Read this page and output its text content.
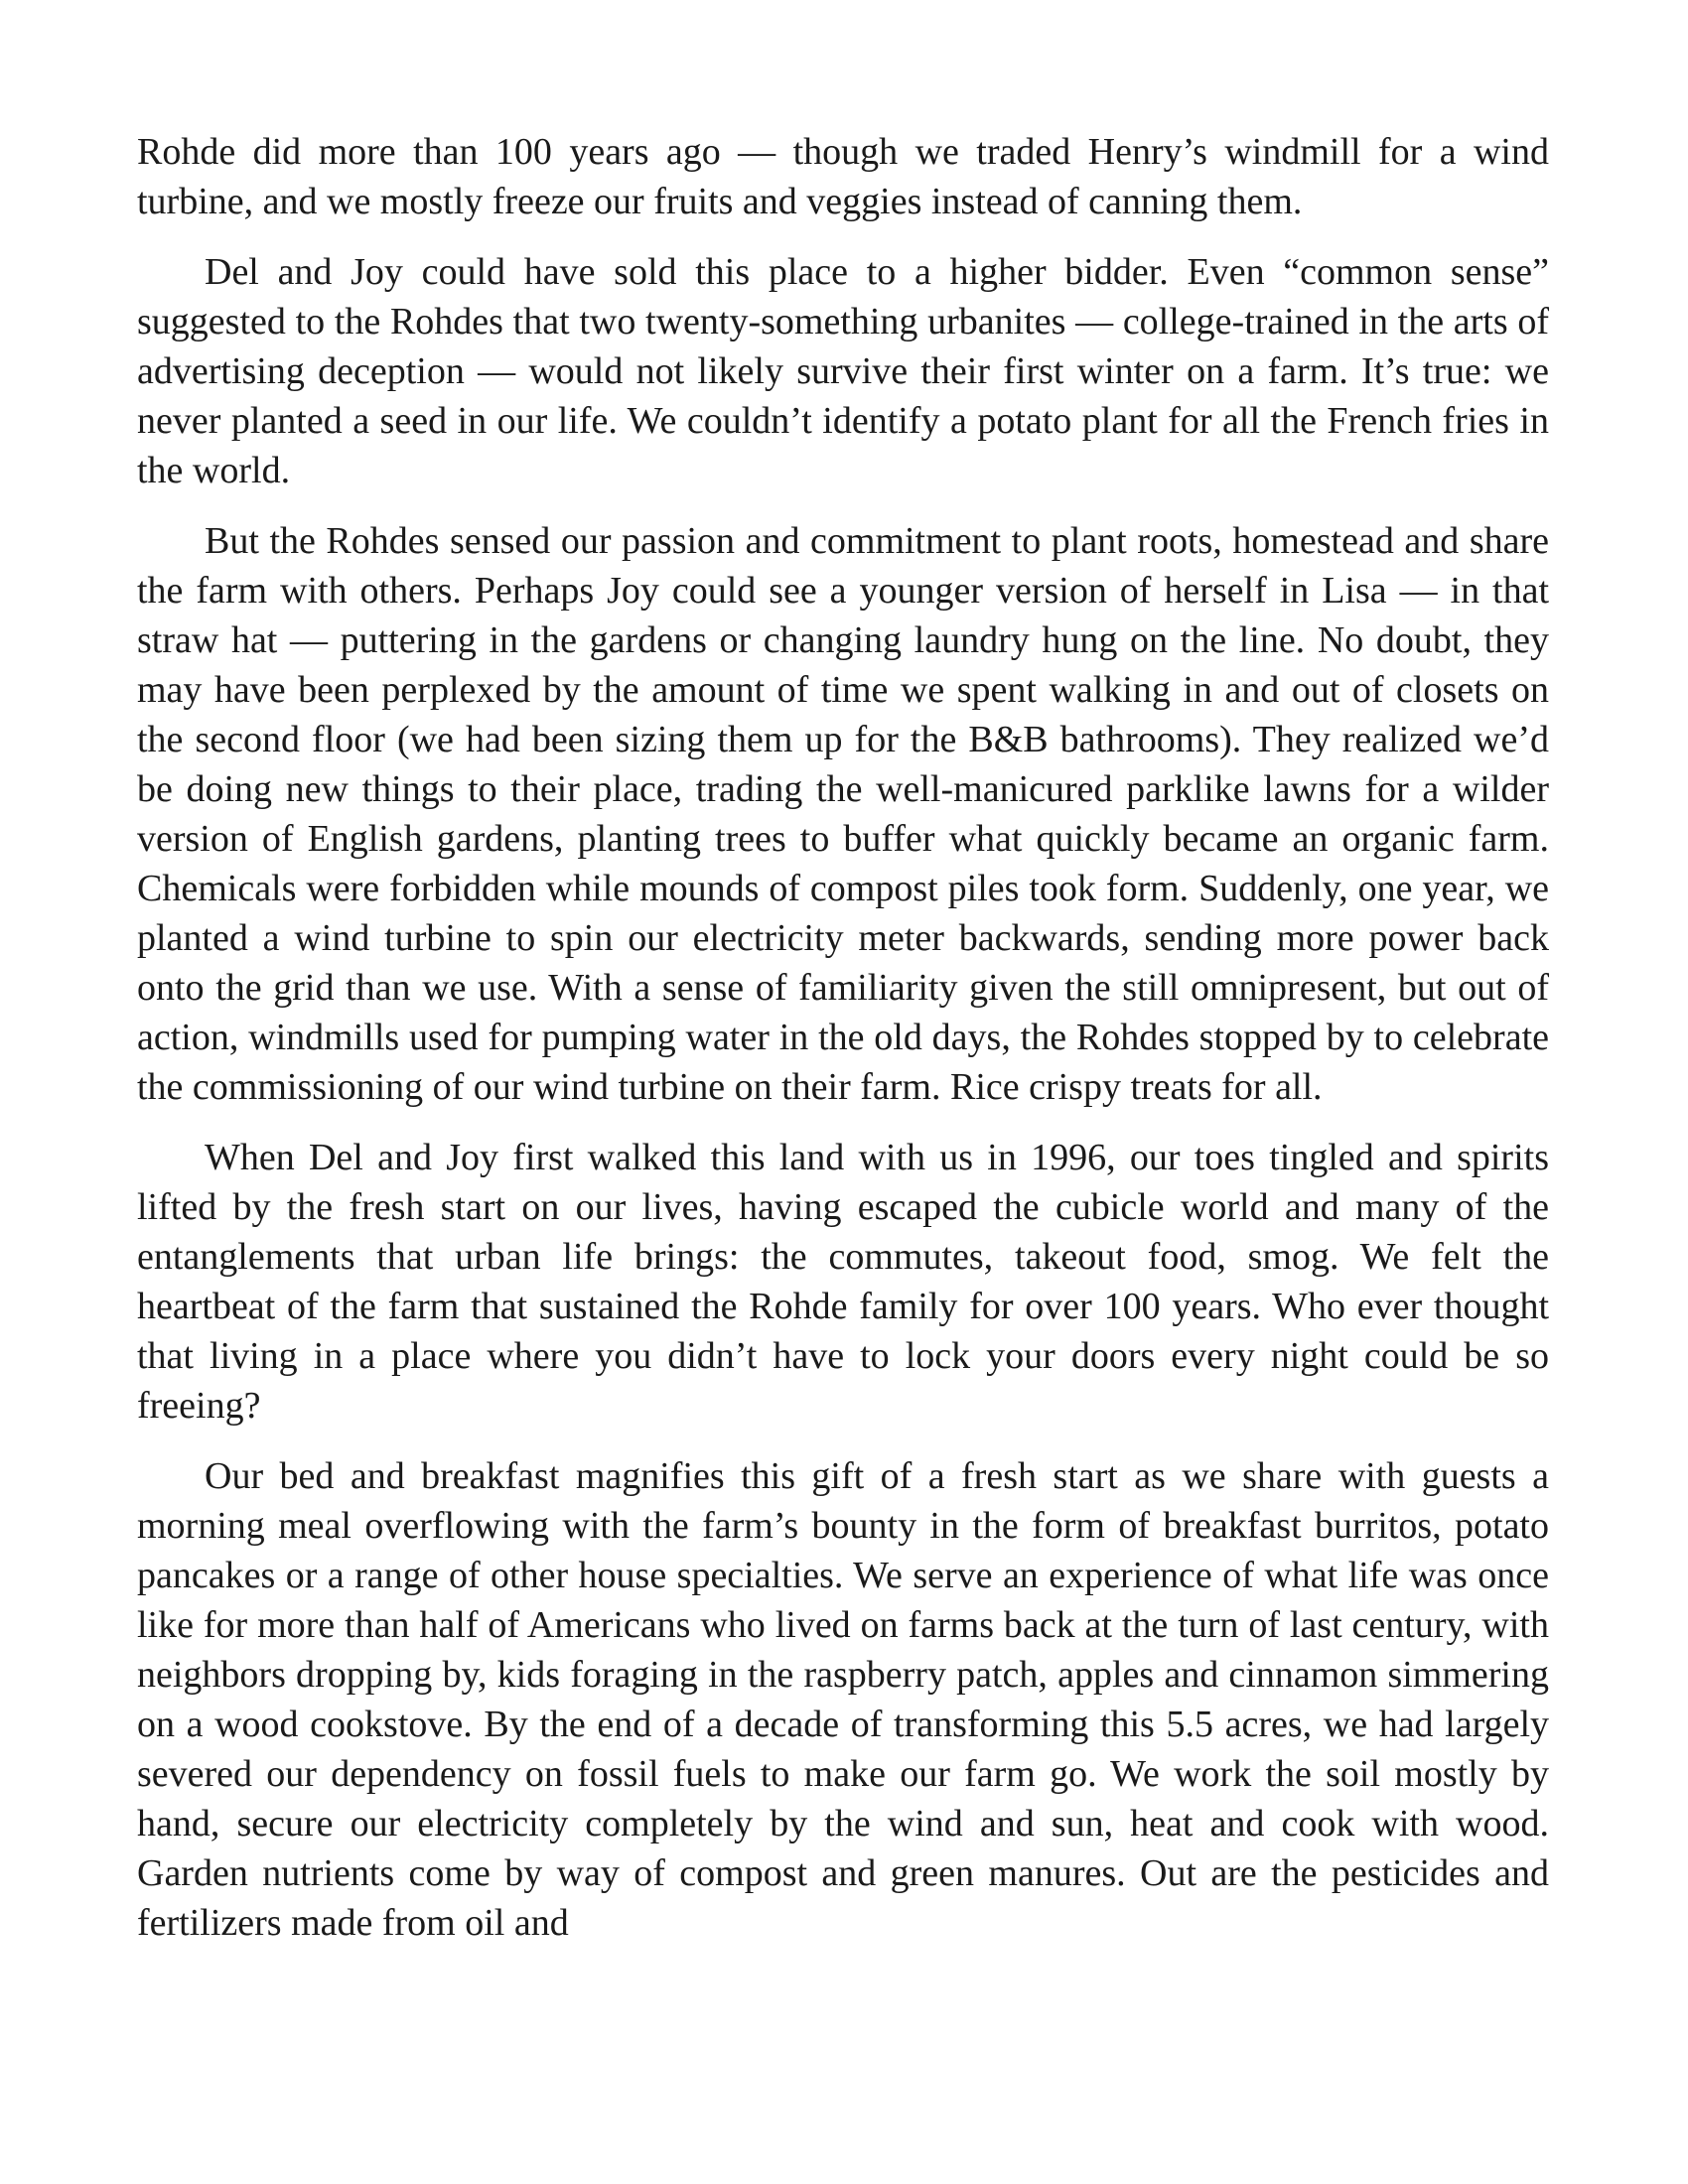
Rohde did more than 100 years ago — though we traded Henry’s windmill for a wind turbine, and we mostly freeze our fruits and veggies instead of canning them.

Del and Joy could have sold this place to a higher bidder. Even “common sense” suggested to the Rohdes that two twenty-something urbanites — college-trained in the arts of advertising deception — would not likely survive their first winter on a farm. It’s true: we never planted a seed in our life. We couldn’t identify a potato plant for all the French fries in the world.

But the Rohdes sensed our passion and commitment to plant roots, homestead and share the farm with others. Perhaps Joy could see a younger version of herself in Lisa — in that straw hat — puttering in the gardens or changing laundry hung on the line. No doubt, they may have been perplexed by the amount of time we spent walking in and out of closets on the second floor (we had been sizing them up for the B&B bathrooms). They realized we’d be doing new things to their place, trading the well-manicured parklike lawns for a wilder version of English gardens, planting trees to buffer what quickly became an organic farm. Chemicals were forbidden while mounds of compost piles took form. Suddenly, one year, we planted a wind turbine to spin our electricity meter backwards, sending more power back onto the grid than we use. With a sense of familiarity given the still omnipresent, but out of action, windmills used for pumping water in the old days, the Rohdes stopped by to celebrate the commissioning of our wind turbine on their farm. Rice crispy treats for all.

When Del and Joy first walked this land with us in 1996, our toes tingled and spirits lifted by the fresh start on our lives, having escaped the cubicle world and many of the entanglements that urban life brings: the commutes, takeout food, smog. We felt the heartbeat of the farm that sustained the Rohde family for over 100 years. Who ever thought that living in a place where you didn’t have to lock your doors every night could be so freeing?

Our bed and breakfast magnifies this gift of a fresh start as we share with guests a morning meal overflowing with the farm’s bounty in the form of breakfast burritos, potato pancakes or a range of other house specialties. We serve an experience of what life was once like for more than half of Americans who lived on farms back at the turn of last century, with neighbors dropping by, kids foraging in the raspberry patch, apples and cinnamon simmering on a wood cookstove. By the end of a decade of transforming this 5.5 acres, we had largely severed our dependency on fossil fuels to make our farm go. We work the soil mostly by hand, secure our electricity completely by the wind and sun, heat and cook with wood. Garden nutrients come by way of compost and green manures. Out are the pesticides and fertilizers made from oil and
